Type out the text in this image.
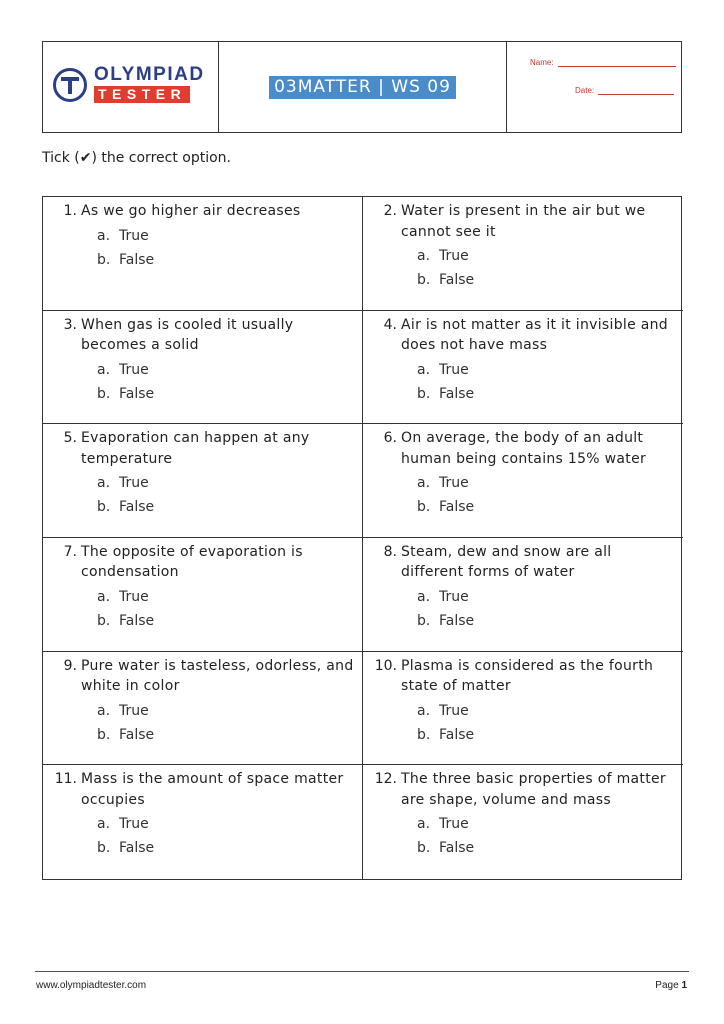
OLYMPIAD
TESTER	03MATTER | WS 09
Name:
Date:
Tick (✔) the correct option.
1. As we go higher air decreases
a. True
b. False
2. Water is present in the air but we cannot see it
a. True
b. False
3. When gas is cooled it usually becomes a solid
a. True
b. False
4. Air is not matter as it it invisible and does not have mass
a. True
b. False
5. Evaporation can happen at any temperature
a. True
b. False
6. On average, the body of an adult human being contains 15% water
a. True
b. False
7. The opposite of evaporation is condensation
a. True
b. False
8. Steam, dew and snow are all different forms of water
a. True
b. False
9. Pure water is tasteless, odorless, and white in color
a. True
b. False
10. Plasma is considered as the fourth state of matter
a. True
b. False
11. Mass is the amount of space matter occupies
a. True
b. False
12. The three basic properties of matter are shape, volume and mass
a. True
b. False
www.olympiadtester.com	Page 1
